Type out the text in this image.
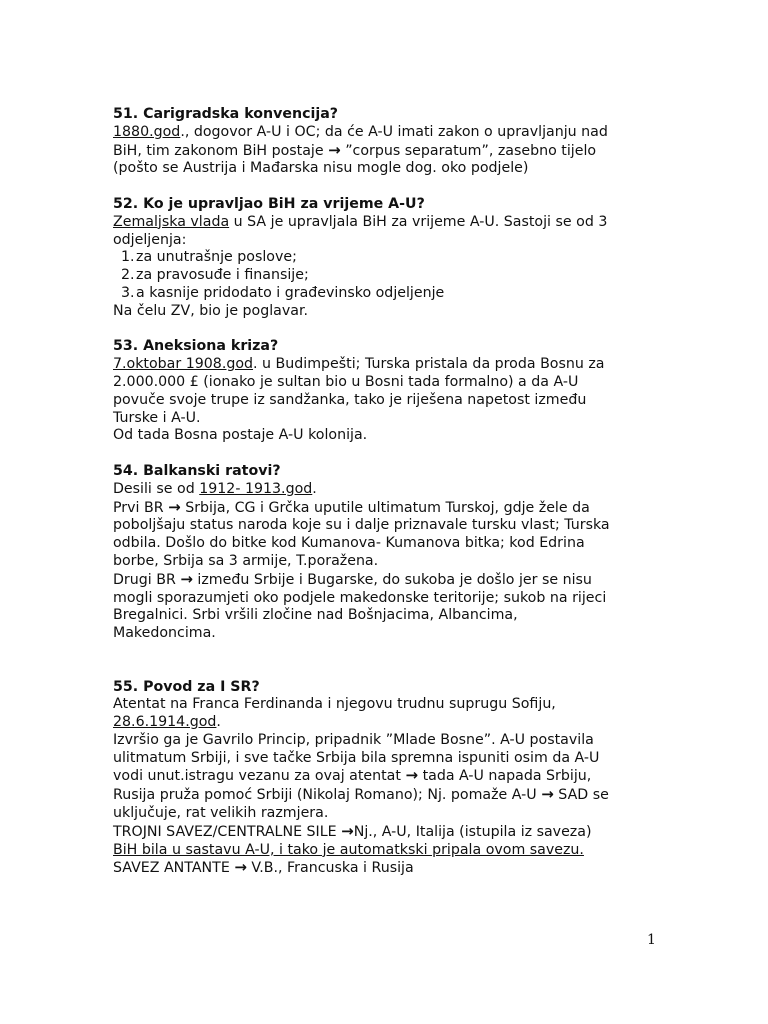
51. Carigradska konvencija?
1880.god., dogovor A-U i OC; da će A-U imati zakon o upravljanju nad
BiH, tim zakonom BiH postaje → ”corpus separatum”, zasebno tijelo
(pošto se Austrija i Mađarska nisu mogle dog. oko podjele)
52. Ko je upravljao BiH za vrijeme A-U?
Zemaljska vlada u SA je upravljala BiH za vrijeme A-U. Sastoji se od 3
odjeljenja:
1. za unutrašnje poslove;
2. za pravosuđe i finansije;
3. a kasnije pridodato i građevinsko odjeljenje
Na čelu ZV, bio je poglavar.
53. Aneksiona kriza?
7.oktobar 1908.god. u Budimpešti; Turska pristala da proda Bosnu za
2.000.000 £ (ionako je sultan bio u Bosni tada formalno) a da A-U
povuče svoje trupe iz sandžanka, tako je riješena napetost između
Turske i A-U.
Od tada Bosna postaje A-U kolonija.
54. Balkanski ratovi?
Desili se od 1912- 1913.god.
Prvi BR → Srbija, CG i Grčka uputile ultimatum Turskoj, gdje žele da
poboljšaju status naroda koje su i dalje priznavale tursku vlast; Turska
odbila. Došlo do bitke kod Kumanova- Kumanova bitka; kod Edrina
borbe, Srbija sa 3 armije, T.poražena.
Drugi BR → između Srbije i Bugarske, do sukoba je došlo jer se nisu
mogli sporazumjeti oko podjele makedonske teritorije; sukob na rijeci
Bregalnici. Srbi vršili zločine nad Bošnjacima, Albancima,
Makedoncima.
55. Povod za I SR?
Atentat na Franca Ferdinanda i njegovu trudnu suprugu Sofiju,
28.6.1914.god.
Izvršio ga je Gavrilo Princip, pripadnik ”Mlade Bosne”. A-U postavila
ulitmatum Srbiji, i sve tačke Srbija bila spremna ispuniti osim da A-U
vodi unut.istragu vezanu za ovaj atentat → tada A-U napada Srbiju,
Rusija pruža pomoć Srbiji (Nikolaj Romano); Nj. pomaže A-U → SAD se
uključuje, rat velikih razmjera.
TROJNI SAVEZ/CENTRALNE SILE →Nj., A-U, Italija (istupila iz saveza)
BiH bila u sastavu A-U, i tako je automatkski pripala ovom savezu.
SAVEZ ANTANTE → V.B., Francuska i Rusija
1
